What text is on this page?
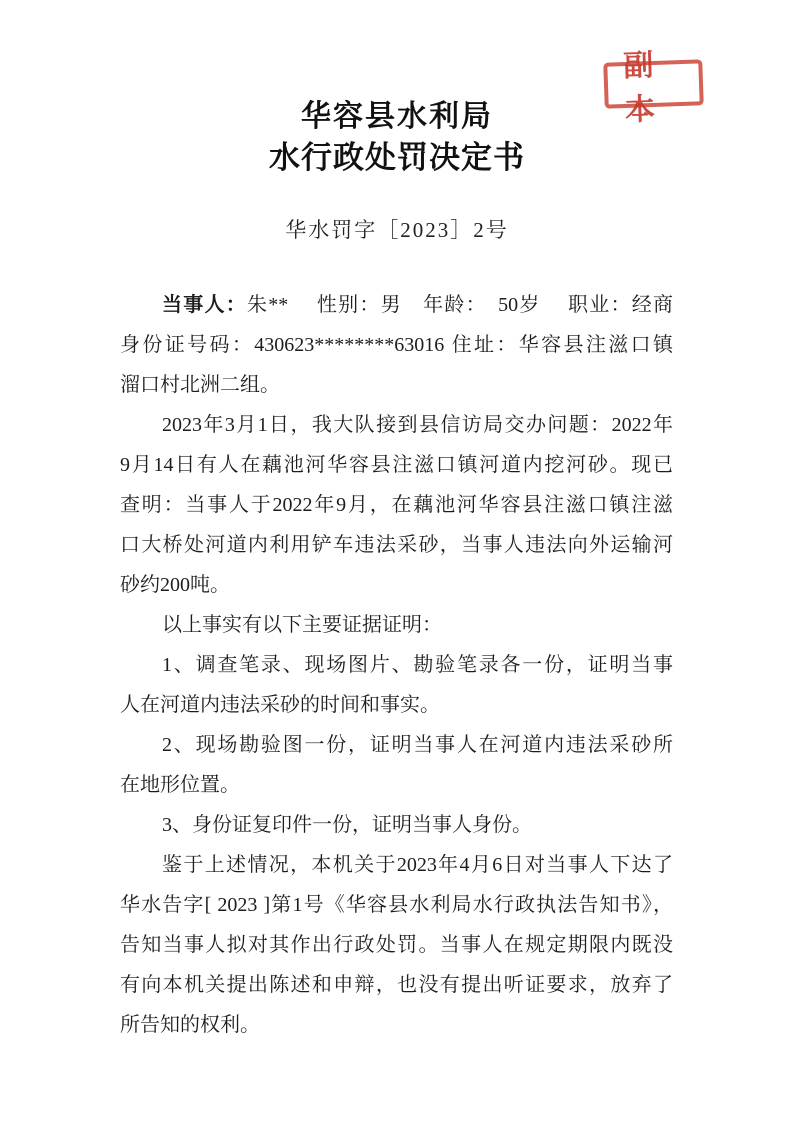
副本
华容县水利局
水行政处罚决定书
华水罚字［2023］2号
当事人：朱**　 性别：男　年龄：　50岁　 职业：经商
身份证号码：430623********63016 住址：华容县注滋口镇
溜口村北洲二组。
2023年3月1日，我大队接到县信访局交办问题：2022年
9月14日有人在藕池河华容县注滋口镇河道内挖河砂。现已
查明：当事人于2022年9月，在藕池河华容县注滋口镇注滋
口大桥处河道内利用铲车违法采砂，当事人违法向外运输河
砂约200吨。
以上事实有以下主要证据证明：
1、调查笔录、现场图片、勘验笔录各一份，证明当事
人在河道内违法采砂的时间和事实。
2、现场勘验图一份，证明当事人在河道内违法采砂所
在地形位置。
3、身份证复印件一份，证明当事人身份。
鉴于上述情况，本机关于2023年4月6日对当事人下达了
华水告字[ 2023 ]第1号《华容县水利局水行政执法告知书》，
告知当事人拟对其作出行政处罚。当事人在规定期限内既没
有向本机关提出陈述和申辩，也没有提出听证要求，放弃了
所告知的权利。
